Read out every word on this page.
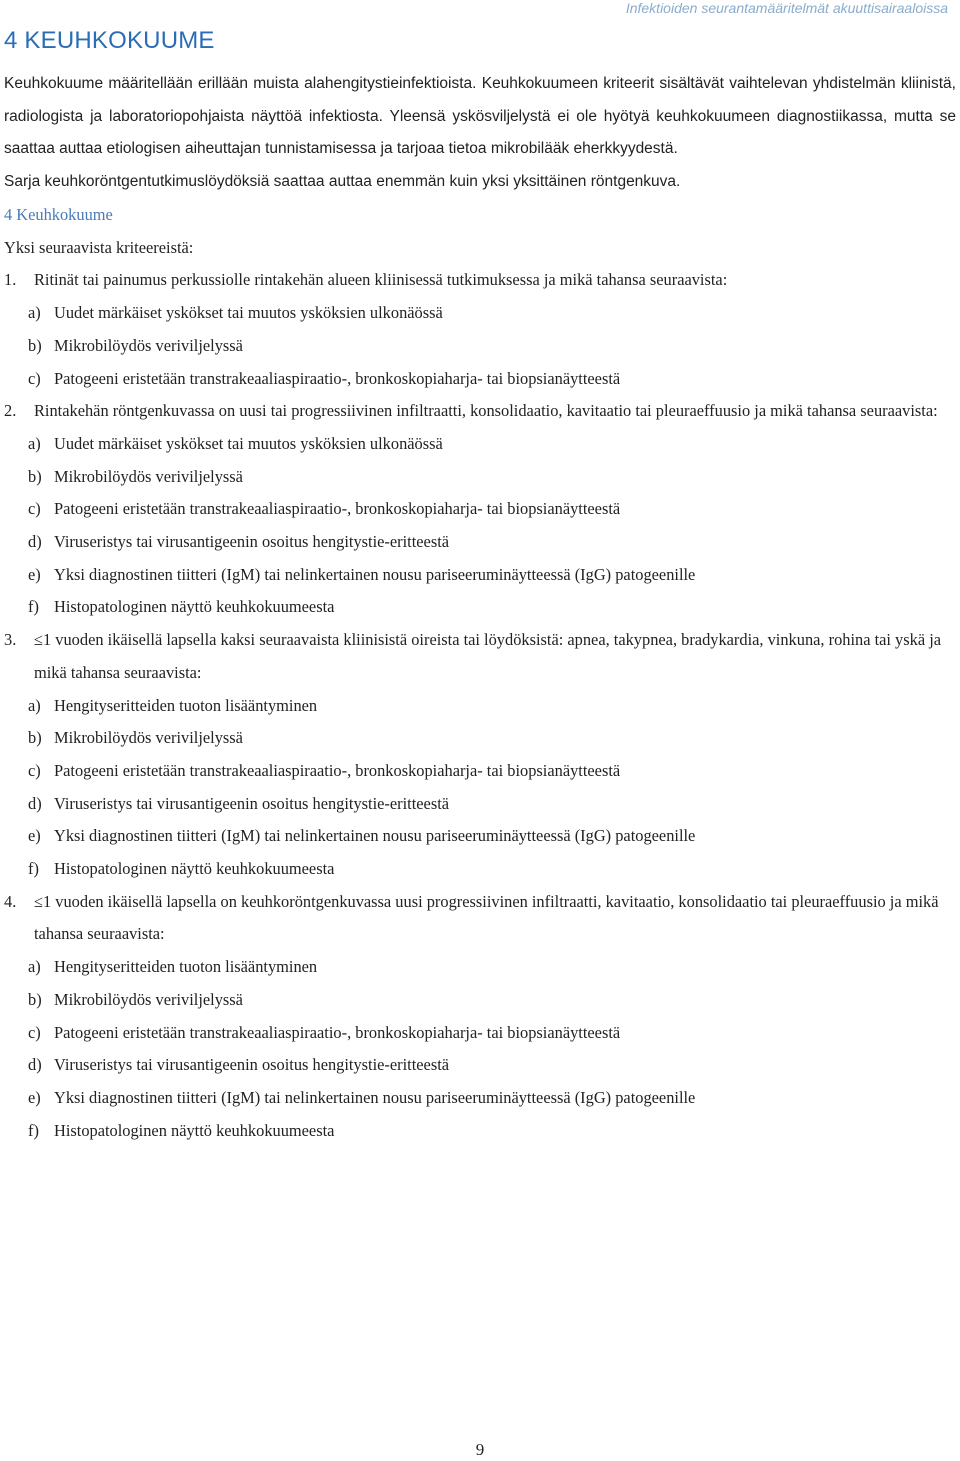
Infektioiden seurantamääritelmät akuuttisairaaloissa
4 KEUHKOKUUME
Keuhkokuume määritellään erillään muista alahengitystieinfektioista. Keuhkokuumeen kriteerit sisältävät vaihtelevan yhdistelmän kliinistä, radiologista ja laboratoriopohjaista näyttöä infektiosta. Yleensä yskösviljelystä ei ole hyötyä keuhkokuumeen diagnostiikassa, mutta se saattaa auttaa etiologisen aiheuttajan tunnistamisessa ja tarjoaa tietoa mikrobilääk eherkkyydestä.
Sarja keuhkoröntgentutkimuslöydöksiä saattaa auttaa enemmän kuin yksi yksittäinen röntgenkuva.
4 Keuhkokuume
Yksi seuraavista kriteereistä:
1.	Ritinät tai painumus perkussiolle rintakehän alueen kliinisessä tutkimuksessa ja mikä tahansa seuraavista:
a) Uudet märkäiset yskökset tai muutos ysköksien ulkonäössä
b) Mikrobilöydös veriviljelyssä
c) Patogeeni eristetään transtrakeaaliaspiraatio-, bronkoskopiaharja- tai biopsianäytteestä
2.	Rintakehän röntgenkuvassa on uusi tai progressiivinen infiltraatti, konsolidaatio, kavitaatio tai pleuraeffuusio ja mikä tahansa seuraavista:
a) Uudet märkäiset yskökset tai muutos ysköksien ulkonäössä
b) Mikrobilöydös veriviljelyssä
c) Patogeeni eristetään transtrakeaaliaspiraatio-, bronkoskopiaharja- tai biopsianäytteestä
d) Viruseristys tai virusantigeenin osoitus hengitystie-eritteestä
e) Yksi diagnostinen tiitteri (IgM) tai nelinkertainen nousu pariseeruminäytteessä (IgG) patogeenille
f) Histopatologinen näyttö keuhkokuumeesta
3.	≤1 vuoden ikäisellä lapsella kaksi seuraavaista kliinisistä oireista tai löydöksistä: apnea, takypnea, bradykardia, vinkuna, rohina tai yskä ja mikä tahansa seuraavista:
a) Hengityseritteiden tuoton lisääntyminen
b) Mikrobilöydös veriviljelyssä
c) Patogeeni eristetään transtrakeaaliaspiraatio-, bronkoskopiaharja- tai biopsianäytteestä
d) Viruseristys tai virusantigeenin osoitus hengitystie-eritteestä
e) Yksi diagnostinen tiitteri (IgM) tai nelinkertainen nousu pariseeruminäytteessä (IgG) patogeenille
f) Histopatologinen näyttö keuhkokuumeesta
4.	≤1 vuoden ikäisellä lapsella on keuhkoröntgenkuvassa uusi progressiivinen infiltraatti, kavitaatio, konsolidaatio tai pleuraeffuusio ja mikä tahansa seuraavista:
a) Hengityseritteiden tuoton lisääntyminen
b) Mikrobilöydös veriviljelyssä
c) Patogeeni eristetään transtrakeaaliaspiraatio-, bronkoskopiaharja- tai biopsianäytteestä
d) Viruseristys tai virusantigeenin osoitus hengitystie-eritteestä
e) Yksi diagnostinen tiitteri (IgM) tai nelinkertainen nousu pariseeruminäytteessä (IgG) patogeenille
f) Histopatologinen näyttö keuhkokuumeesta
9
